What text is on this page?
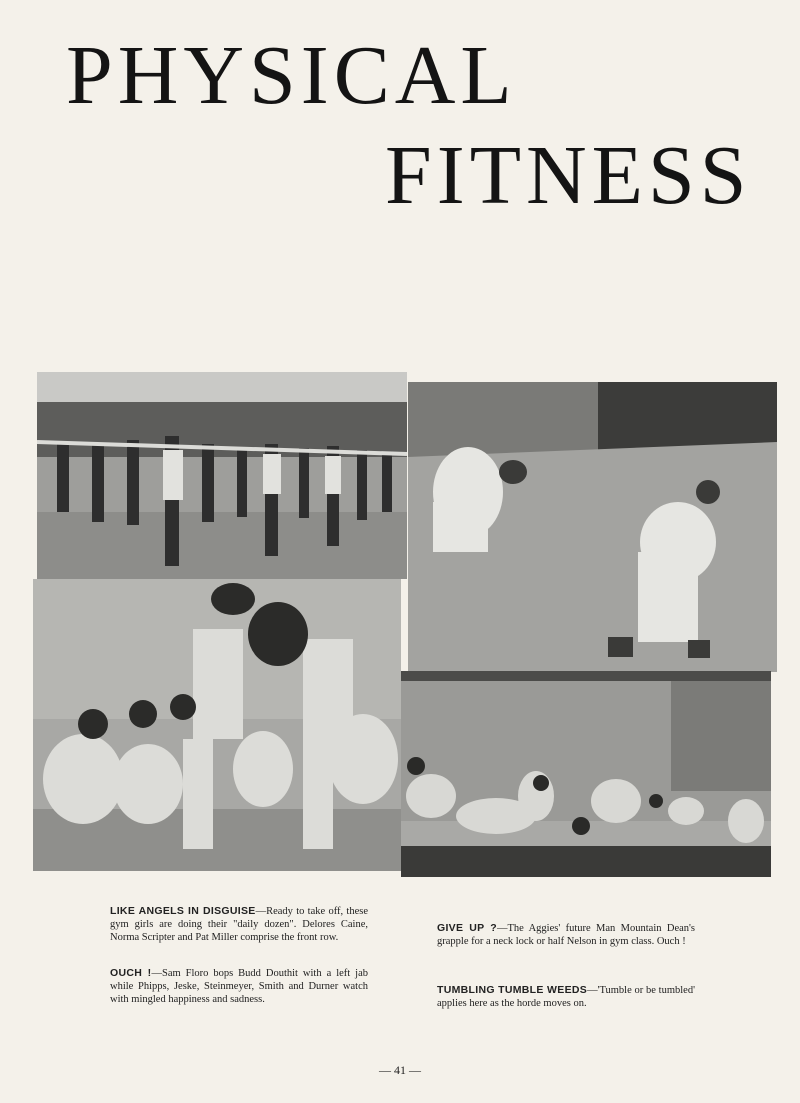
PHYSICAL
FITNESS

LIKE ANGELS IN DISGUISE—Ready to take off, these gym girls are doing their "daily dozen". Delores Caine, Norma Scripter and Pat Miller comprise the front row.

OUCH !—Sam Floro bops Budd Douthit with a left jab while Phipps, Jeske, Steinmeyer, Smith and Durner watch with mingled happiness and sadness.

GIVE UP ?—The Aggies' future Man Mountain Dean's grapple for a neck lock or half Nelson in gym class. Ouch !

TUMBLING TUMBLE WEEDS—'Tumble or be tumbled' applies here as the horde moves on.

— 41 —
